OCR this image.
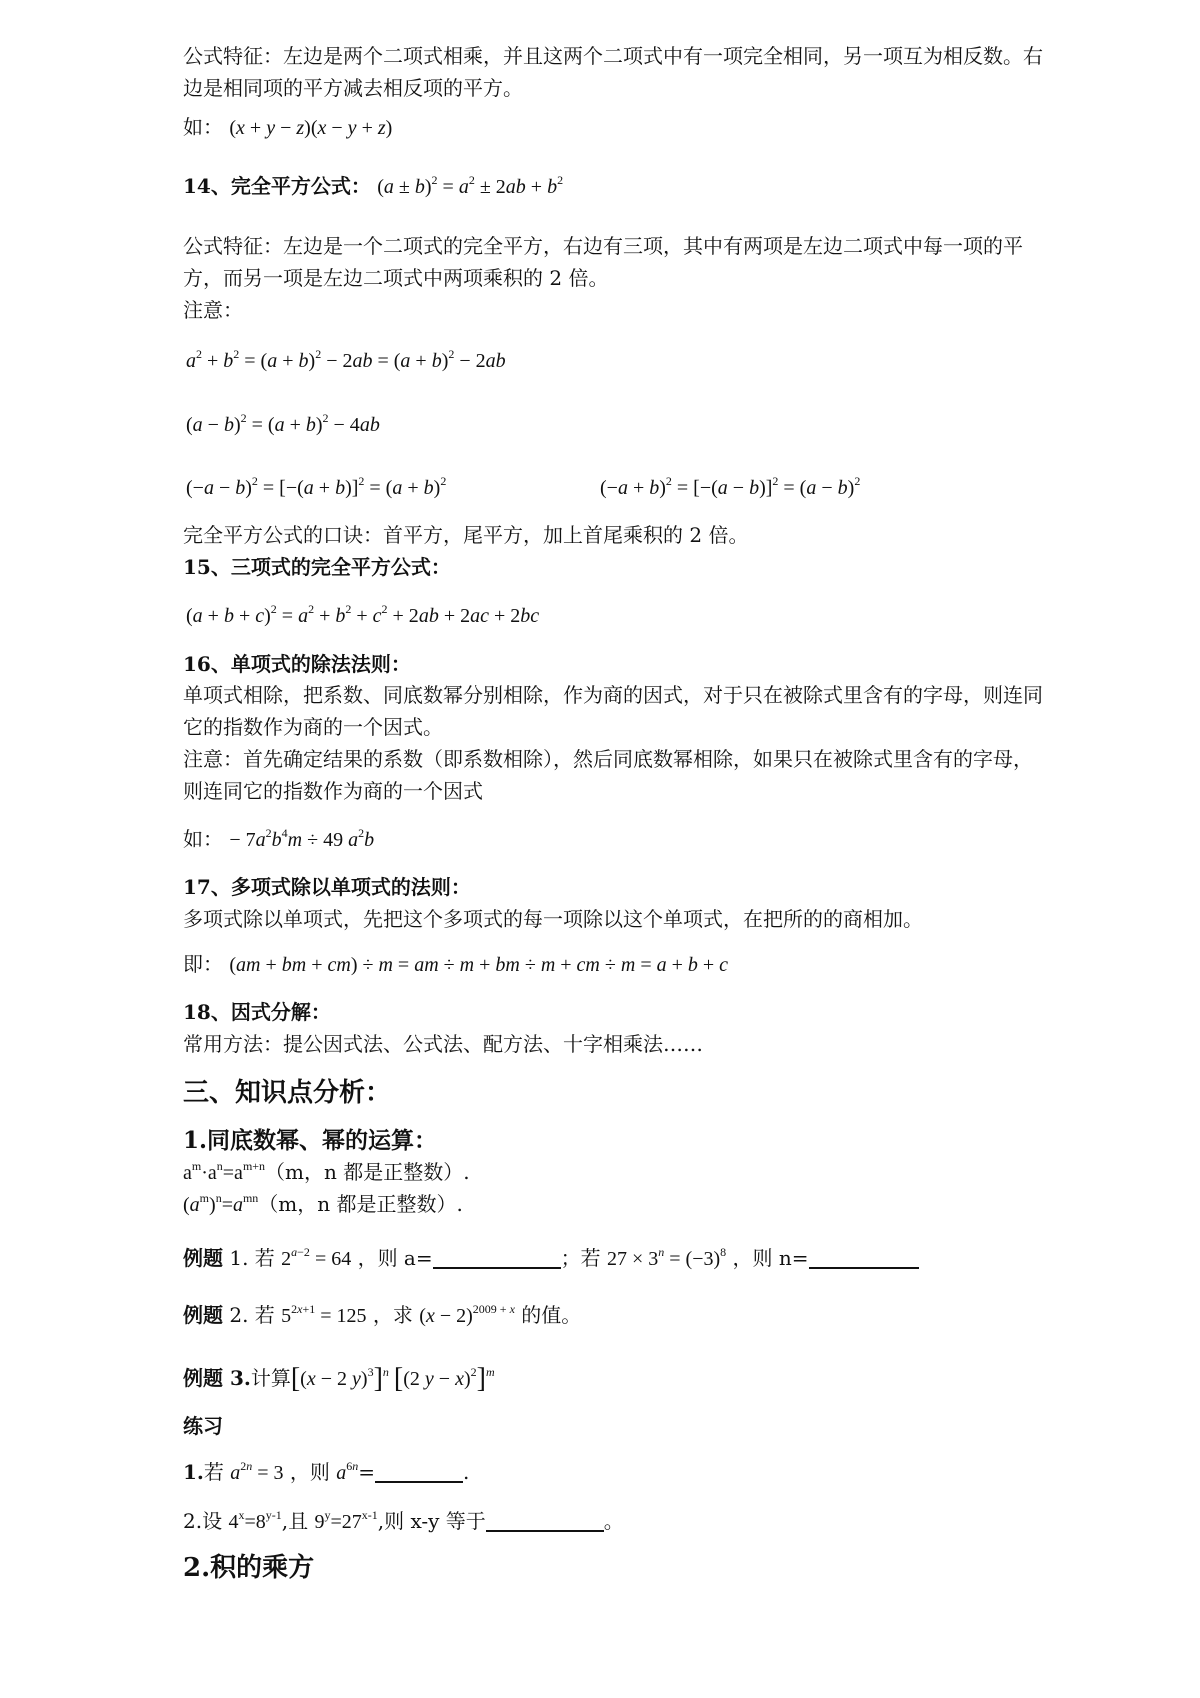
公式特征：左边是两个二项式相乘，并且这两个二项式中有一项完全相同，另一项互为相反数。右边是相同项的平方减去相反项的平方。
如： (x + y − z)(x − y + z)
14、完全平方公式： $(a \pm b)^2 = a^2 \pm 2ab + b^2$
公式特征：左边是一个二项式的完全平方，右边有三项，其中有两项是左边二项式中每一项的平方，而另一项是左边二项式中两项乘积的 2 倍。
注意：
$a^2 + b^2 = (a + b)^2 - 2ab = (a + b)^2 - 2ab$
$(a - b)^2 = (a + b)^2 - 4ab$
$(-a - b)^2 = [-(a + b)]^2 = (a + b)^2$	$(-a + b)^2 = [-(a - b)]^2 = (a - b)^2$
完全平方公式的口诀：首平方，尾平方，加上首尾乘积的 2 倍。
15、三项式的完全平方公式：
$(a + b + c)^2 = a^2 + b^2 + c^2 + 2ab + 2ac + 2bc$
16、单项式的除法法则：
单项式相除，把系数、同底数幂分别相除，作为商的因式，对于只在被除式里含有的字母，则连同它的指数作为商的一个因式。
注意：首先确定结果的系数（即系数相除），然后同底数幂相除，如果只在被除式里含有的字母，则连同它的指数作为商的一个因式
如： − $7a^2b^4m \div 49$ $a^2b$
17、多项式除以单项式的法则：
多项式除以单项式，先把这个多项式的每一项除以这个单项式，在把所的的商相加。
即： (am + bm + cm) ÷ m = am ÷ m + bm ÷ m + cm ÷ m = a + b + c
18、因式分解：
常用方法：提公因式法、公式法、配方法、十字相乘法……
三、知识点分析：
1.同底数幂、幂的运算：
$a^m\cdot a^n=a^{m+n}(m$，n 都是正整数）.
$(a^m)^n=a^{mn}(m$，n 都是正整数）.
例题 1. 若 $2^{a-2} = 64$ ，则 a=	；若 $27 \times 3^n = (-3)^8$ ，则 n=
例题 2. 若 $5^{2x+1} = 125$ ，求 $(x - 2)^{2009 + x}$ 的值。
例题 3.计算[(x − 2 y)$^3$]$^n$ [(2 y − x)$^2$]$^m$
练习
1.若 $a^{2n} = 3$ ，则 $a^{6n}=$	.
2.设 $4^x=8^{y-1}$,且 $9^y=27^{x-1}$,则 x-y 等于	。
2.积的乘方
